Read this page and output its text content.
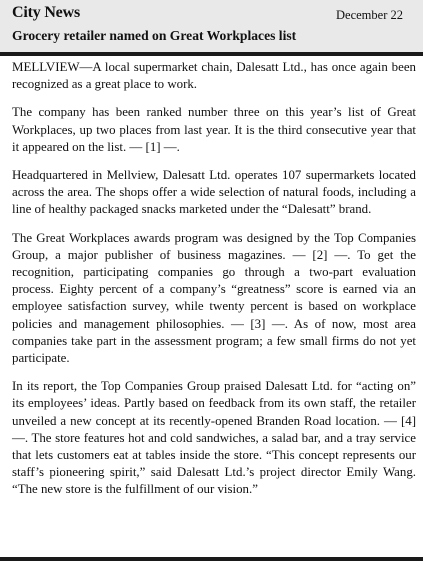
City News	December 22
Grocery retailer named on Great Workplaces list

MELLVIEW—A local supermarket chain, Dalesatt Ltd., has once again been recognized as a great place to work.

The company has been ranked number three on this year’s list of Great Workplaces, up two places from last year. It is the third consecutive year that it appeared on the list. — [1] —.

Headquartered in Mellview, Dalesatt Ltd. operates 107 supermarkets located across the area. The shops offer a wide selection of natural foods, including a line of healthy packaged snacks marketed under the “Dalesatt” brand.

The Great Workplaces awards program was designed by the Top Companies Group, a major publisher of business magazines. — [2] —. To get the recognition, participating companies go through a two-part evaluation process. Eighty percent of a company’s “greatness” score is earned via an employee satisfaction survey, while twenty percent is based on workplace policies and management philosophies. — [3] —. As of now, most area companies take part in the assessment program; a few small firms do not yet participate.

In its report, the Top Companies Group praised Dalesatt Ltd. for “acting on” its employees’ ideas. Partly based on feedback from its own staff, the retailer unveiled a new concept at its recently-opened Branden Road location. — [4] —. The store features hot and cold sandwiches, a salad bar, and a tray service that lets customers eat at tables inside the store. “This concept represents our staff’s pioneering spirit,” said Dalesatt Ltd.’s project director Emily Wang. “The new store is the fulfillment of our vision.”
